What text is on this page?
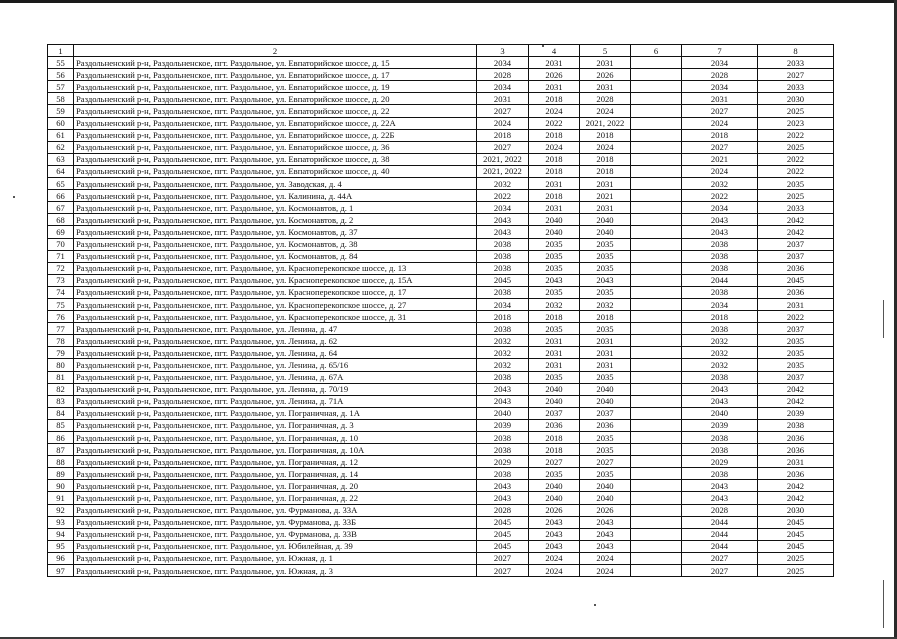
1	2	3	4	5	6	7	8
55	Раздольненский р-н, Раздольненское, пгт. Раздольное, ул. Евпаторийское шоссе, д. 15	2034	2031	2031		2034	2033
56	Раздольненский р-н, Раздольненское, пгт. Раздольное, ул. Евпаторийское шоссе, д. 17	2028	2026	2026		2028	2027
57	Раздольненский р-н, Раздольненское, пгт. Раздольное, ул. Евпаторийское шоссе, д. 19	2034	2031	2031		2034	2033
58	Раздольненский р-н, Раздольненское, пгт. Раздольное, ул. Евпаторийское шоссе, д. 20	2031	2018	2028		2031	2030
59	Раздольненский р-н, Раздольненское, пгт. Раздольное, ул. Евпаторийское шоссе, д. 22	2027	2024	2024		2027	2025
60	Раздольненский р-н, Раздольненское, пгт. Раздольное, ул. Евпаторийское шоссе, д. 22А	2024	2022	2021, 2022		2024	2023
61	Раздольненский р-н, Раздольненское, пгт. Раздольное, ул. Евпаторийское шоссе, д. 22Б	2018	2018	2018		2018	2022
62	Раздольненский р-н, Раздольненское, пгт. Раздольное, ул. Евпаторийское шоссе, д. 36	2027	2024	2024		2027	2025
63	Раздольненский р-н, Раздольненское, пгт. Раздольное, ул. Евпаторийское шоссе, д. 38	2021, 2022	2018	2018		2021	2022
64	Раздольненский р-н, Раздольненское, пгт. Раздольное, ул. Евпаторийское шоссе, д. 40	2021, 2022	2018	2018		2024	2022
65	Раздольненский р-н, Раздольненское, пгт. Раздольное, ул. Заводская, д. 4	2032	2031	2031		2032	2035
66	Раздольненский р-н, Раздольненское, пгт. Раздольное, ул. Калинина, д. 44А	2022	2018	2021		2022	2025
67	Раздольненский р-н, Раздольненское, пгт. Раздольное, ул. Космонавтов, д. 1	2034	2031	2031		2034	2033
68	Раздольненский р-н, Раздольненское, пгт. Раздольное, ул. Космонавтов, д. 2	2043	2040	2040		2043	2042
69	Раздольненский р-н, Раздольненское, пгт. Раздольное, ул. Космонавтов, д. 37	2043	2040	2040		2043	2042
70	Раздольненский р-н, Раздольненское, пгт. Раздольное, ул. Космонавтов, д. 38	2038	2035	2035		2038	2037
71	Раздольненский р-н, Раздольненское, пгт. Раздольное, ул. Космонавтов, д. 84	2038	2035	2035		2038	2037
72	Раздольненский р-н, Раздольненское, пгт. Раздольное, ул. Краснoперекопское шоссе, д. 13	2038	2035	2035		2038	2036
73	Раздольненский р-н, Раздольненское, пгт. Раздольное, ул. Краснoперекопское шоссе, д. 15А	2045	2043	2043		2044	2045
74	Раздольненский р-н, Раздольненское, пгт. Раздольное, ул. Краснoперекопское шоссе, д. 17	2038	2035	2035		2038	2036
75	Раздольненский р-н, Раздольненское, пгт. Раздольное, ул. Краснoперекопское шоссе, д. 27	2034	2032	2032		2034	2031
76	Раздольненский р-н, Раздольненское, пгт. Раздольное, ул. Краснoперекопское шоссе, д. 31	2018	2018	2018		2018	2022
77	Раздольненский р-н, Раздольненское, пгт. Раздольное, ул. Ленина, д. 47	2038	2035	2035		2038	2037
78	Раздольненский р-н, Раздольненское, пгт. Раздольное, ул. Ленина, д. 62	2032	2031	2031		2032	2035
79	Раздольненский р-н, Раздольненское, пгт. Раздольное, ул. Ленина, д. 64	2032	2031	2031		2032	2035
80	Раздольненский р-н, Раздольненское, пгт. Раздольное, ул. Ленина, д. 65/16	2032	2031	2031		2032	2035
81	Раздольненский р-н, Раздольненское, пгт. Раздольное, ул. Ленина, д. 67А	2038	2035	2035		2038	2037
82	Раздольненский р-н, Раздольненское, пгт. Раздольное, ул. Ленина, д. 70/19	2043	2040	2040		2043	2042
83	Раздольненский р-н, Раздольненское, пгт. Раздольное, ул. Ленина, д. 71А	2043	2040	2040		2043	2042
84	Раздольненский р-н, Раздольненское, пгт. Раздольное, ул. Пограничная, д. 1А	2040	2037	2037		2040	2039
85	Раздольненский р-н, Раздольненское, пгт. Раздольное, ул. Пограничная, д. 3	2039	2036	2036		2039	2038
86	Раздольненский р-н, Раздольненское, пгт. Раздольное, ул. Пограничная, д. 10	2038	2018	2035		2038	2036
87	Раздольненский р-н, Раздольненское, пгт. Раздольное, ул. Пограничная, д. 10А	2038	2018	2035		2038	2036
88	Раздольненский р-н, Раздольненское, пгт. Раздольное, ул. Пограничная, д. 12	2029	2027	2027		2029	2031
89	Раздольненский р-н, Раздольненское, пгт. Раздольное, ул. Пограничная, д. 14	2038	2035	2035		2038	2036
90	Раздольненский р-н, Раздольненское, пгт. Раздольное, ул. Пограничная, д. 20	2043	2040	2040		2043	2042
91	Раздольненский р-н, Раздольненское, пгт. Раздольное, ул. Пограничная, д. 22	2043	2040	2040		2043	2042
92	Раздольненский р-н, Раздольненское, пгт. Раздольное, ул. Фурманова, д. 33А	2028	2026	2026		2028	2030
93	Раздольненский р-н, Раздольненское, пгт. Раздольное, ул. Фурманова, д. 33Б	2045	2043	2043		2044	2045
94	Раздольненский р-н, Раздольненское, пгт. Раздольное, ул. Фурманова, д. 33В	2045	2043	2043		2044	2045
95	Раздольненский р-н, Раздольненское, пгт. Раздольное, ул. Юбилейная, д. 39	2045	2043	2043		2044	2045
96	Раздольненский р-н, Раздольненское, пгт. Раздольное, ул. Южная, д. 1	2027	2024	2024		2027	2025
97	Раздольненский р-н, Раздольненское, пгт. Раздольное, ул. Южная, д. 3	2027	2024	2024		2027	2025
